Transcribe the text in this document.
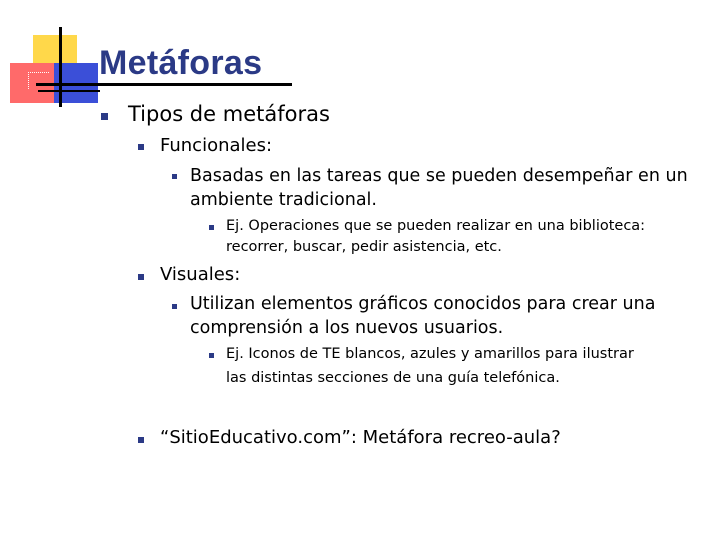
Metáforas

Tipos de metáforas

Funcionales:

Basadas en las tareas que se pueden desempeñar en un

ambiente tradicional.

Ej. Operaciones que se pueden realizar en una biblioteca:

recorrer, buscar, pedir asistencia, etc.

Visuales:

Utilizan elementos gráficos conocidos para crear una

comprensión a los nuevos usuarios.

Ej. Iconos de TE blancos, azules y amarillos para ilustrar

las distintas secciones de una guía telefónica.

“SitioEducativo.com”: Metáfora recreo-aula?
